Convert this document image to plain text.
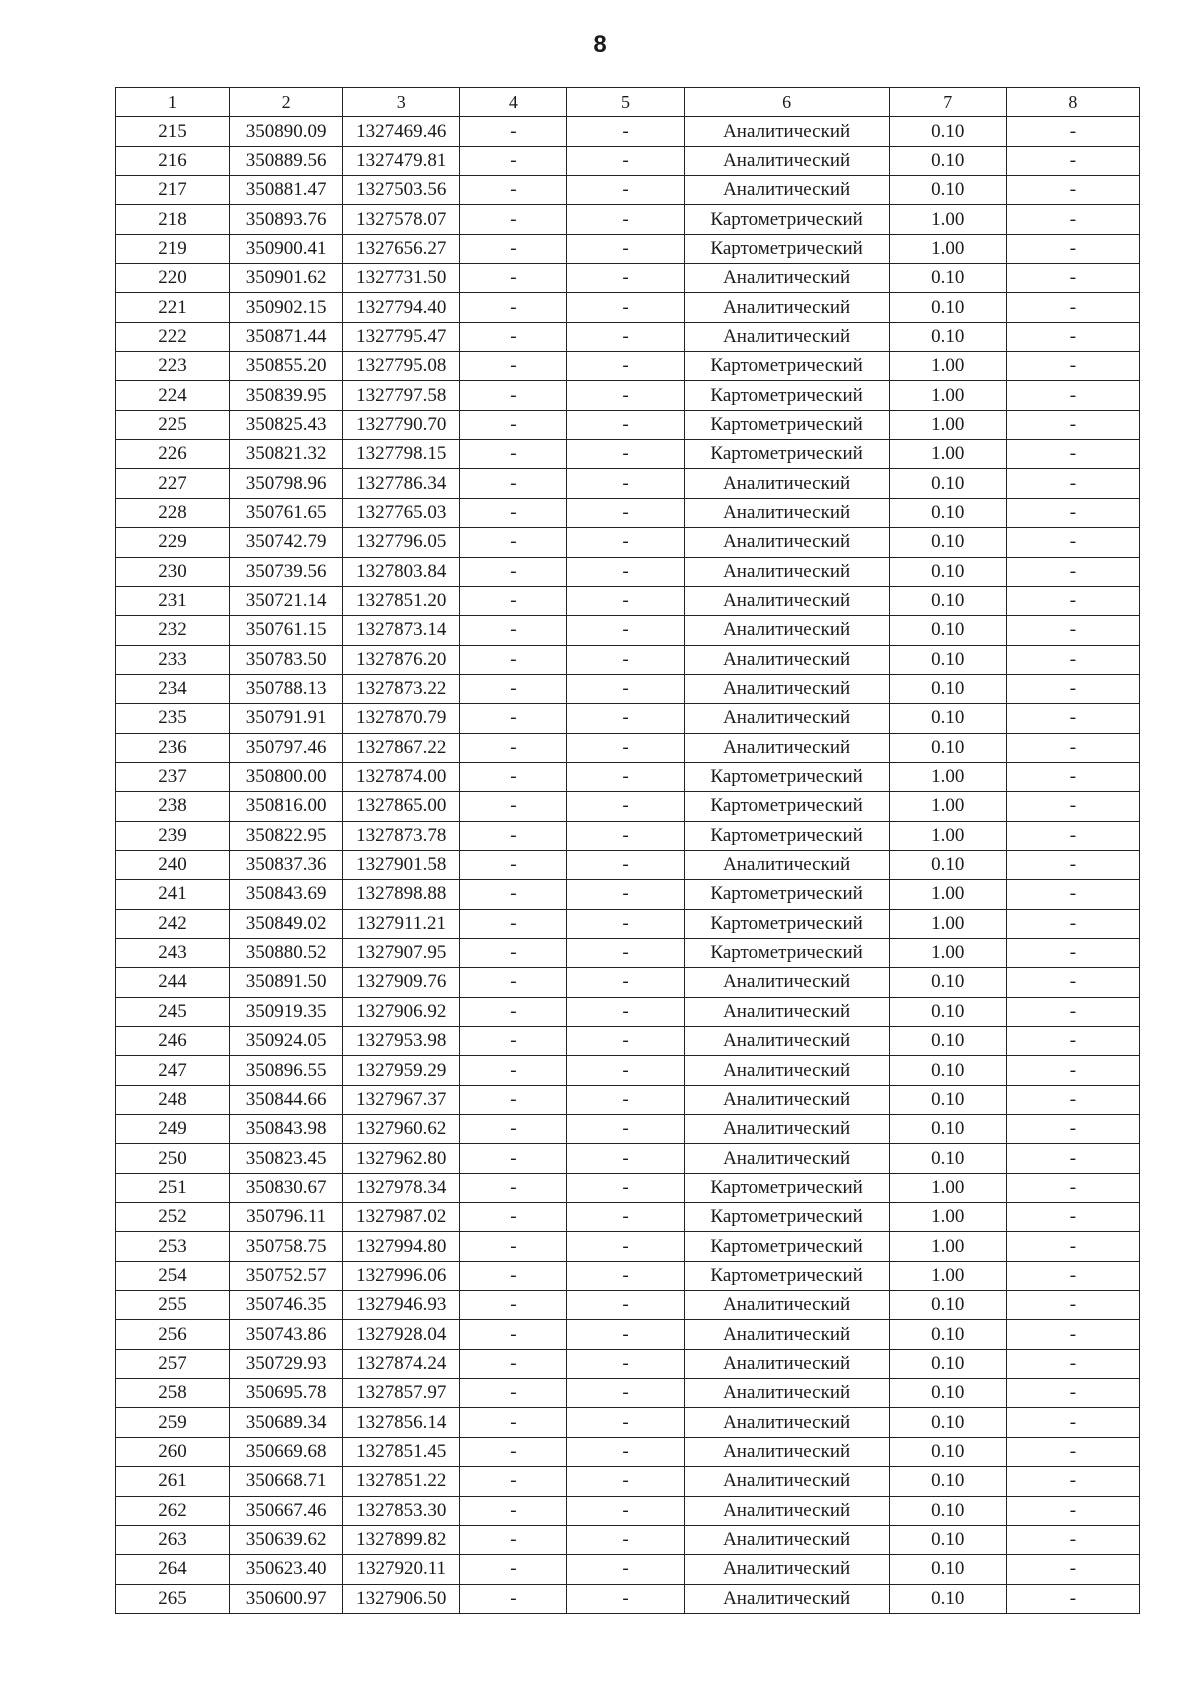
8
1	2	3	4	5	6	7	8
215	350890.09	1327469.46	-	-	Аналитический	0.10	-
216	350889.56	1327479.81	-	-	Аналитический	0.10	-
217	350881.47	1327503.56	-	-	Аналитический	0.10	-
218	350893.76	1327578.07	-	-	Картометрический	1.00	-
219	350900.41	1327656.27	-	-	Картометрический	1.00	-
220	350901.62	1327731.50	-	-	Аналитический	0.10	-
221	350902.15	1327794.40	-	-	Аналитический	0.10	-
222	350871.44	1327795.47	-	-	Аналитический	0.10	-
223	350855.20	1327795.08	-	-	Картометрический	1.00	-
224	350839.95	1327797.58	-	-	Картометрический	1.00	-
225	350825.43	1327790.70	-	-	Картометрический	1.00	-
226	350821.32	1327798.15	-	-	Картометрический	1.00	-
227	350798.96	1327786.34	-	-	Аналитический	0.10	-
228	350761.65	1327765.03	-	-	Аналитический	0.10	-
229	350742.79	1327796.05	-	-	Аналитический	0.10	-
230	350739.56	1327803.84	-	-	Аналитический	0.10	-
231	350721.14	1327851.20	-	-	Аналитический	0.10	-
232	350761.15	1327873.14	-	-	Аналитический	0.10	-
233	350783.50	1327876.20	-	-	Аналитический	0.10	-
234	350788.13	1327873.22	-	-	Аналитический	0.10	-
235	350791.91	1327870.79	-	-	Аналитический	0.10	-
236	350797.46	1327867.22	-	-	Аналитический	0.10	-
237	350800.00	1327874.00	-	-	Картометрический	1.00	-
238	350816.00	1327865.00	-	-	Картометрический	1.00	-
239	350822.95	1327873.78	-	-	Картометрический	1.00	-
240	350837.36	1327901.58	-	-	Аналитический	0.10	-
241	350843.69	1327898.88	-	-	Картометрический	1.00	-
242	350849.02	1327911.21	-	-	Картометрический	1.00	-
243	350880.52	1327907.95	-	-	Картометрический	1.00	-
244	350891.50	1327909.76	-	-	Аналитический	0.10	-
245	350919.35	1327906.92	-	-	Аналитический	0.10	-
246	350924.05	1327953.98	-	-	Аналитический	0.10	-
247	350896.55	1327959.29	-	-	Аналитический	0.10	-
248	350844.66	1327967.37	-	-	Аналитический	0.10	-
249	350843.98	1327960.62	-	-	Аналитический	0.10	-
250	350823.45	1327962.80	-	-	Аналитический	0.10	-
251	350830.67	1327978.34	-	-	Картометрический	1.00	-
252	350796.11	1327987.02	-	-	Картометрический	1.00	-
253	350758.75	1327994.80	-	-	Картометрический	1.00	-
254	350752.57	1327996.06	-	-	Картометрический	1.00	-
255	350746.35	1327946.93	-	-	Аналитический	0.10	-
256	350743.86	1327928.04	-	-	Аналитический	0.10	-
257	350729.93	1327874.24	-	-	Аналитический	0.10	-
258	350695.78	1327857.97	-	-	Аналитический	0.10	-
259	350689.34	1327856.14	-	-	Аналитический	0.10	-
260	350669.68	1327851.45	-	-	Аналитический	0.10	-
261	350668.71	1327851.22	-	-	Аналитический	0.10	-
262	350667.46	1327853.30	-	-	Аналитический	0.10	-
263	350639.62	1327899.82	-	-	Аналитический	0.10	-
264	350623.40	1327920.11	-	-	Аналитический	0.10	-
265	350600.97	1327906.50	-	-	Аналитический	0.10	-
